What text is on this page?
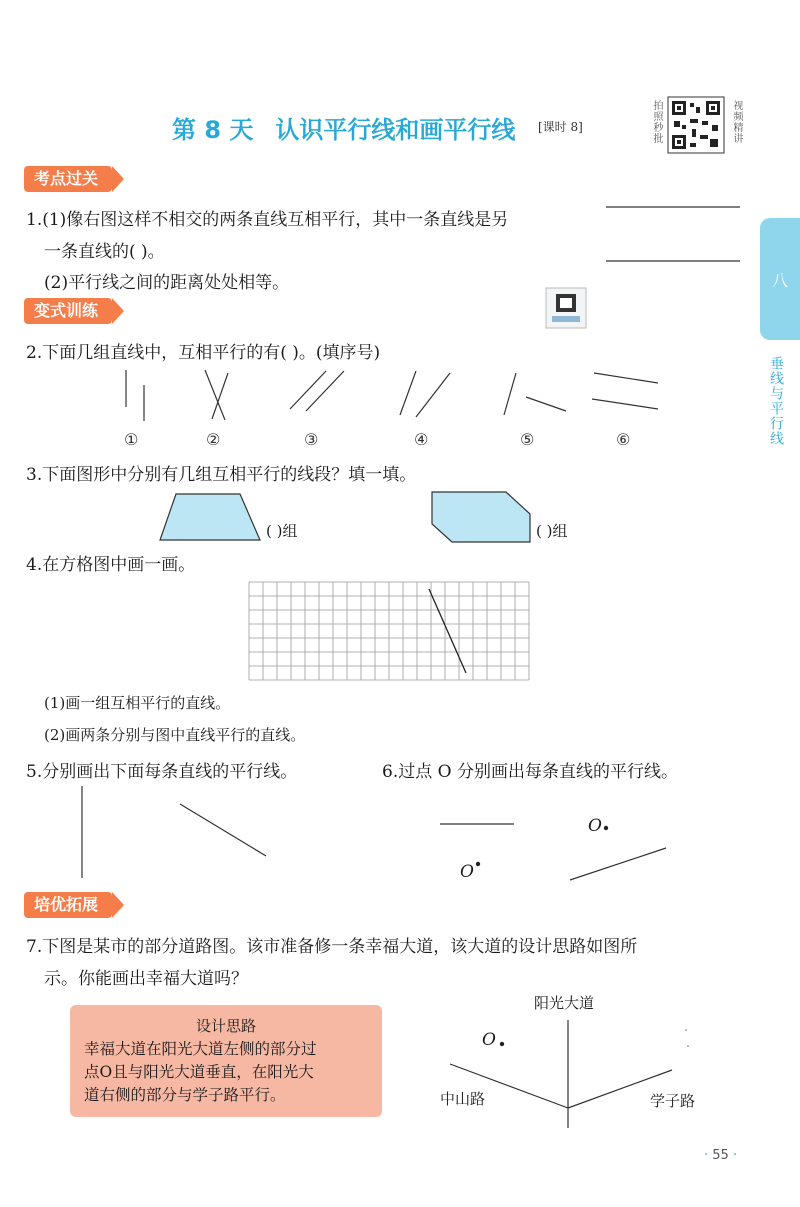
第 8 天 认识平行线和画平行线 [课时 8]	拍照秒批	视频精讲
八
垂线与平行线
考点过关
1.(1)像右图这样不相交的两条直线互相平行，其中一条直线是另
一条直线的( )。
(2)平行线之间的距离处处相等。
变式训练
2.下面几组直线中，互相平行的有( )。(填序号)
①	②	③	④	⑤	⑥
3.下面图形中分别有几组互相平行的线段？填一填。
( )组	( )组
4.在方格图中画一画。
(1)画一组互相平行的直线。
(2)画两条分别与图中直线平行的直线。
5.分别画出下面每条直线的平行线。	6.过点 O 分别画出每条直线的平行线。
O
O
培优拓展
7.下图是某市的部分道路图。该市准备修一条幸福大道，该大道的设计思路如图所
示。你能画出幸福大道吗？
设计思路
幸福大道在阳光大道左侧的部分过
点O且与阳光大道垂直，在阳光大
道右侧的部分与学子路平行。
阳光大道
中山路	学子路
O
· 55 ·
